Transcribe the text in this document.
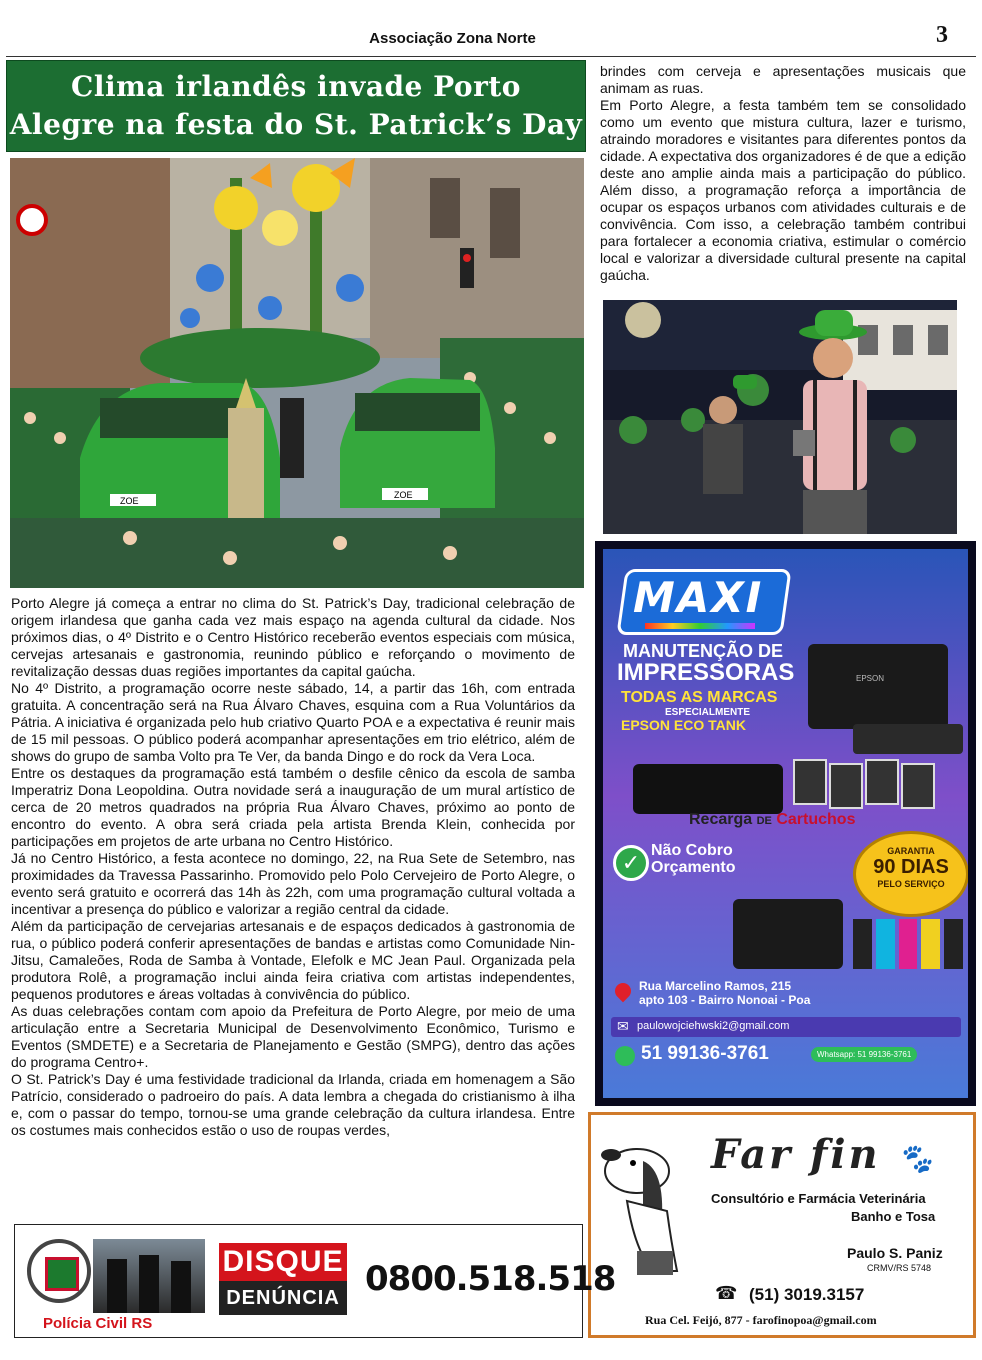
Associação Zona Norte	3
Clima irlandês invade Porto
Alegre na festa do St. Patrick’s Day
ZOE
ZOE

Porto Alegre já começa a entrar no clima do St. Patrick’s Day, tradicional celebração de origem irlandesa que ganha cada vez mais espaço na agenda cultural da cidade. Nos próximos dias, o 4º Distrito e o Centro Histórico receberão eventos especiais com música, cervejas artesanais e gastronomia, reunindo público e reforçando o movimento de revitalização dessas duas regiões importantes da capital gaúcha.

No 4º Distrito, a programação ocorre neste sábado, 14, a partir das 16h, com entrada gratuita. A concentração será na Rua Álvaro Chaves, esquina com a Rua Voluntários da Pátria. A iniciativa é organizada pelo hub criativo Quarto POA e a expectativa é reunir mais de 15 mil pessoas. O público poderá acompanhar apresentações em trio elétrico, além de shows do grupo de samba Volto pra Te Ver, da banda Dingo e do rock da Vera Loca.

Entre os destaques da programação está também o desfile cênico da escola de samba Imperatriz Dona Leopoldina. Outra novidade será a inauguração de um mural artístico de cerca de 20 metros quadrados na própria Rua Álvaro Chaves, próximo ao ponto de encontro do evento. A obra será criada pela artista Brenda Klein, conhecida por participações em projetos de arte urbana no Centro Histórico.

Já no Centro Histórico, a festa acontece no domingo, 22, na Rua Sete de Setembro, nas proximidades da Travessa Passarinho. Promovido pelo Polo Cervejeiro de Porto Alegre, o evento será gratuito e ocorrerá das 14h às 22h, com uma programação cultural voltada a incentivar a presença do público e valorizar a região central da cidade.

Além da participação de cervejarias artesanais e de espaços dedicados à gastronomia de rua, o público poderá conferir apresentações de bandas e artistas como Comunidade Nin-Jitsu, Camaleões, Roda de Samba à Vontade, Elefolk e MC Jean Paul. Organizada pela produtora Rolê, a programação inclui ainda feira criativa com artistas independentes, pequenos produtores e áreas voltadas à convivência do público.

As duas celebrações contam com apoio da Prefeitura de Porto Alegre, por meio de uma articulação entre a Secretaria Municipal de Desenvolvimento Econômico, Turismo e Eventos (SMDETE) e a Secretaria de Planejamento e Gestão (SMPG), dentro das ações do programa Centro+.

O St. Patrick’s Day é uma festividade tradicional da Irlanda, criada em homenagem a São Patrício, considerado o padroeiro do país. A data lembra a chegada do cristianismo à ilha e, com o passar do tempo, tornou-se uma grande celebração da cultura irlandesa. Entre os costumes mais conhecidos estão o uso de roupas verdes,

brindes com cerveja e apresentações musicais que animam as ruas.

Em Porto Alegre, a festa também tem se consolidado como um evento que mistura cultura, lazer e turismo, atraindo moradores e visitantes para diferentes pontos da cidade. A expectativa dos organizadores é de que a edição deste ano amplie ainda mais a participação do público. Além disso, a programação reforça a importância de ocupar os espaços urbanos com atividades culturais e de convivência. Com isso, a celebração também contribui para fortalecer a economia criativa, estimular o comércio local e valorizar a diversidade cultural presente na capital gaúcha.

MAXI
MANUTENÇÃO DE
IMPRESSORAS
TODAS AS MARCAS
ESPECIALMENTE
EPSON ECO TANK
EPSON
Recarga DE Cartuchos
✓ Não Cobro
Orçamento
GARANTIA
90 DIAS
PELO SERVIÇO
Rua Marcelino Ramos, 215
apto 103 - Bairro Nonoai - Poa
✉ paulowojciehwski2@gmail.com
51 99136-3761	Whatsapp: 51 99136-3761
Far fin 🐾
Consultório e Farmácia Veterinária
Banho e Tosa
Paulo S. Paniz
CRMV/RS 5748
☎ (51) 3019.3157
Rua Cel. Feijó, 877 - farofinopoa@gmail.com
Polícia Civil RS
DISQUE
DENÚNCIA 0800.518.518
